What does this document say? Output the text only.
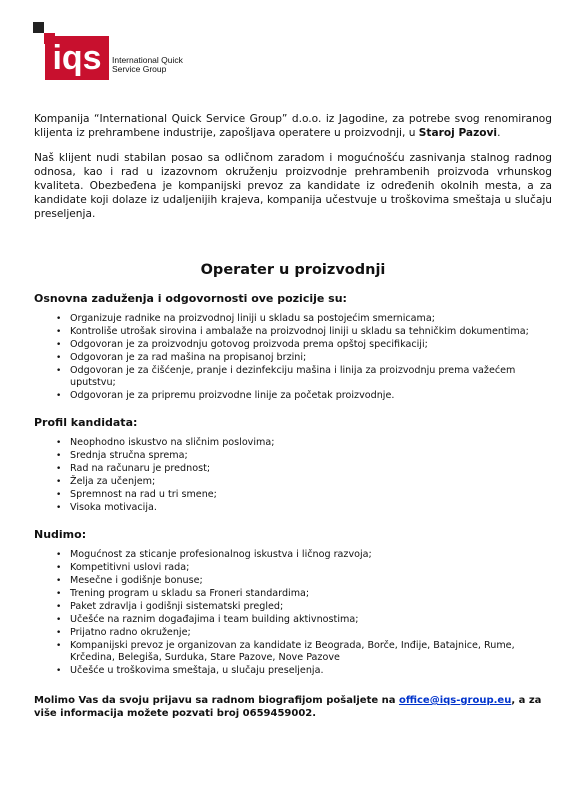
iqs International Quick
Service Group

Kompanija “International Quick Service Group” d.o.o. iz Jagodine, za potrebe svog renomiranog klijenta iz prehrambene industrije, zapošljava operatere u proizvodnji, u Staroj Pazovi.

Naš klijent nudi stabilan posao sa odličnom zaradom i mogućnošću zasnivanja stalnog radnog odnosa, kao i rad u izazovnom okruženju proizvodnje prehrambenih proizvoda vrhunskog kvaliteta. Obezbeđena je kompanijski prevoz za kandidate iz određenih okolnih mesta, a za kandidate koji dolaze iz udaljenijih krajeva, kompanija učestvuje u troškovima smeštaja u slučaju preseljenja.

Operater u proizvodnji
Osnovna zaduženja i odgovornosti ove pozicije su:
• Organizuje radnike na proizvodnoj liniji u skladu sa postojećim smernicama;
• Kontroliše utrošak sirovina i ambalaže na proizvodnoj liniji u skladu sa tehničkim dokumentima;
• Odgovoran je za proizvodnju gotovog proizvoda prema opštoj specifikaciji;
• Odgovoran je za rad mašina na propisanoj brzini;
• Odgovoran je za čišćenje, pranje i dezinfekciju mašina i linija za proizvodnju prema važećem uputstvu;
• Odgovoran je za pripremu proizvodne linije za početak proizvodnje.
Profil kandidata:
• Neophodno iskustvo na sličnim poslovima;
• Srednja stručna sprema;
• Rad na računaru je prednost;
• Želja za učenjem;
• Spremnost na rad u tri smene;
• Visoka motivacija.
Nudimo:
• Mogućnost za sticanje profesionalnog iskustva i ličnog razvoja;
• Kompetitivni uslovi rada;
• Mesečne i godišnje bonuse;
• Trening program u skladu sa Froneri standardima;
• Paket zdravlja i godišnji sistematski pregled;
• Učešće na raznim događajima i team building aktivnostima;
• Prijatno radno okruženje;
• Kompanijski prevoz je organizovan za kandidate iz Beograda, Borče, Inđije, Batajnice, Rume, Krčedina, Belegiša, Surduka, Stare Pazove, Nove Pazove
• Učešće u troškovima smeštaja, u slučaju preseljenja.
Molimo Vas da svoju prijavu sa radnom biografijom pošaljete na office@iqs-group.eu, a za više informacija možete pozvati broj 0659459002.
